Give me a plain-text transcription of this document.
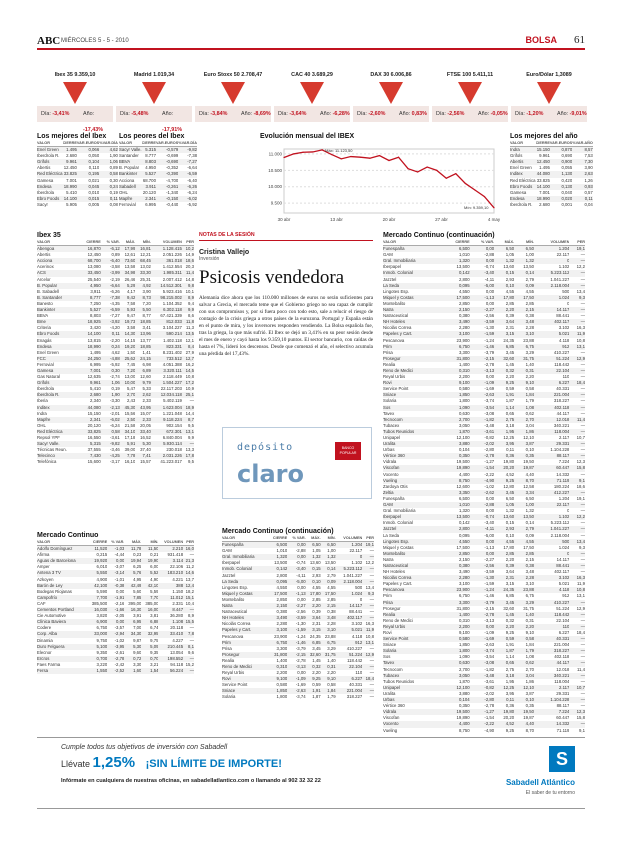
ABC MIÉRCOLES 5 - 5 - 2010	BOLSA 61
Ibex 35 9.359,10
Día: -3,41%	Año: -17,43%
Madrid 1.019,34
Día: -5,48%	Año: -17,91%
Euro Stoxx 50 2.708,47
Día: -3,84%	Año: -8,69%
CAC 40 3.689,29
Día: -3,64%	Año: -6,28%
DAX 30 6.006,86
Día: -2,60%	Año: 0,83%
FTSE 100 5.411,11
Día: -2,56%	Año: -0,05%
Euro/Dólar 1,3089
Día: -1,20%	Año: -9,01%
Los mejores del Ibex
VALOR	CIERRE	VAR.EUROS	%VAR.DÍA
Enel Green	1.495	0,066	4,62
Iberdrola R.	2.680	0,050	1,90
Grifols	9.961	0,104	1,06
Abertis	12.450	0,110	0,89
Red Eléctrica	33.825	0,195	0,58
Gamesa	7.001	0,021	0,30
Endesa	18.990	0,045	0,24
Iberdrola	5.410	0,010	0,19
Ebro Foods	14.100	0,015	0,11
Sacyr	5.905	0,005	0,08
Los peores del Ibex
VALOR	CIERRE	VAR.EUROS	%VAR.DÍA
Sacyr Valle.	5.315	-0,579	-9,82
Santander	8.777	-0,699	-7,38
BBVA	8.803	-0,690	-7,27
B. Popular	4.950	-0,352	-6,64
Bankinter	5.527	-0,390	-6,59
Acciona	68.700	-4,700	-6,40
Sabadell	3.911	-0,261	-6,26
OHL	20.120	-1,340	-6,24
Mapfre	2.341	-0,150	-6,02
Ferrovial	6.995	-0,440	-5,92
Evolución mensual del IBEX
11.000
10.500
10.000
9.500
30 abr	13 abr	20 abr	27 abr	4 may
Máx: 11.123,50
Mín: 9.359,10
Los mejores del año
VALOR	CIERRE	VAR.EUROS	%VAR.AÑO
Indra	15.150	0,870	8,57
Grifols	9.961	0,690	7,53
Abertis	12.450	0,900	7,30
Enel Green	1.495	0,055	3,90
Inditex	44.080	1,130	2,63
Red Eléctrica	33.825	0,420	1,26
Ebro Foods	14.100	0,130	0,93
Gamesa	7.001	0,040	0,57
Endesa	18.990	0,020	0,11
Iberdrola R.	2.680	0,001	0,04
Ibex 35
VALOR	CIERRE	% VAR.	MÁX.	MÍN.	VOLUMEN	PER
Abengoa	16,870	-6,12	17,99	16,81	1.128.415	10,2
Abertis	12,450	0,89	12,61	12,21	2.051.226	14,9
Acciona	68,700	-6,40	73,60	68,45	361.018	18,6
Acerinox	13,080	-3,58	13,58	13,02	1.412.554	20,3
ACS	33,450	-3,99	34,98	33,30	1.985.311	11,4
Arcelor	25,540	-2,19	26,46	25,31	2.007.412	14,8
B. Popular	4,950	-6,64	5,29	4,92	14.512.301	9,8
B. Sabadell	3,911	-6,26	4,17	3,90	5.923.416	10,1
B. Santander	8,777	-7,38	9,42	8,73	98.215.002	8,9
Banesto	7,250	-4,35	7,58	7,20	1.104.352	9,4
Bankinter	5,527	-6,59	5,93	5,50	6.302.118	9,9
BBVA	8,803	-7,27	9,47	8,77	67.421.339	8,6
Bme	18,925	-3,92	19,73	18,85	812.033	11,8
Criteria	3,420	-4,20	3,58	3,41	3.104.227	11,3
Ebro Foods	14,100	0,11	14,30	13,96	590.214	13,5
Enagás	13,815	-2,20	14,15	13,77	1.402.118	12,1
Endesa	18,990	0,24	19,20	18,85	823.331	8,4
Enel Green	1,495	4,62	1,50	1,41	8.231.402	27,9
FCC	24,250	-4,88	25,62	24,15	733.512	12,7
Ferrovial	6,995	-5,92	7,45	6,98	4.051.388	16,2
Gamesa	7,001	0,30	7,20	6,89	3.320.111	14,5
Gas Natural	12,635	-2,74	13,00	12,60	2.118.449	10,8
Grifols	9,961	1,06	10,00	9,79	1.504.227	17,2
Iberdrola	5,410	0,19	5,47	5,33	22.117.203	10,9
Iberdrola R.	2,680	1,90	2,70	2,62	12.034.118	25,1
Iberia	2,340	-3,30	2,43	2,33	5.402.119	—
Inditex	44,080	-2,13	45,30	43,95	1.623.004	18,9
Indra	15,150	-2,01	15,56	15,07	1.221.048	14,4
Mapfre	2,341	-6,02	2,50	2,33	9.118.224	8,7
OHL	20,120	-6,24	21,58	20,05	902.154	9,5
Red Eléctrica	33,825	0,58	34,10	33,40	672.301	13,1
Repsol YPF	16,550	-3,61	17,18	16,52	6.840.004	9,9
Sacyr Valle.	5,315	-9,82	5,91	5,30	5.930.114	—
Técnicas Reun.	37,555	-3,46	39,00	37,40	230.018	13,3
Telecinco	7,430	-4,25	7,78	7,41	2.031.226	17,8
Telefónica	15,600	-3,17	16,10	15,57	41.223.017	9,5
Mercado Continuo
VALOR	CIERRE	% VAR.	MÁX.	MÍN.	VOLUMEN	PER
Adolfo Domínguez	11,520	-1,03	11,78	11,50	2.210	16,0
Afirma	0,215	-4,44	0,23	0,21	931.418	—
Aguas de Barcelona	19,920	0,00	19,94	19,90	3.114	21,3
Amper	6,010	-3,07	6,25	6,00	22.106	11,2
Antena 3 TV	5,550	-3,14	5,76	5,52	183.210	14,6
Azkoyen	4,900	-1,01	4,95	4,90	4.221	13,7
Barón de Ley	42,100	-0,38	42,49	42,10	388	12,4
Bodegas Riojanas	5,590	0,00	5,60	5,59	1.150	18,2
Campofrío	7,700	-1,91	7,85	7,70	11.012	15,1
CAF	385,500	-2,16	395,00	385,00	2.331	10,4
Cementos Portland	16,030	-1,66	16,30	16,00	8.447	—
Cie Automotive	3,820	-2,05	3,91	3,81	36.280	8,9
Clínica Baviera	6,900	0,00	6,95	6,88	1.108	15,5
Codere	6,750	-3,57	7,00	6,74	20.118	—
Corp. Alba	33,000	-2,94	34,30	32,95	33.410	7,8
Dinamia	9,750	-1,02	9,87	9,75	4.227	—
Duro Felguera	5,100	-3,95	5,30	5,09	210.445	8,1
Elecnor	9,350	-2,61	9,60	9,35	13.054	9,6
Ercros	0,700	-2,78	0,72	0,70	198.552	—
Faes Farma	3,220	-2,42	3,30	3,21	94.118	15,2
Fersa	1,550	-2,52	1,60	1,54	56.224	—
NOTAS DE LA SESIÓN
Cristina Vallejo
Inversión
Psicosis vendedora
Alemania dice ahora que los 110.000 millones de euros no serán suficientes para salvar a Grecia, el mercado teme que el Gobierno griego no sea capaz de cumplir con sus compromisos y, por si fuera poco con todo esto, sale a relucir el riesgo de contagio de la crisis griega a otros países de la eurozona. Portugal y España están en el punto de mira, y los inversores responden vendiendo. La Bolsa española fue, tras la griega, la que más sufrió. El Ibex se dejó un 3,41% en su peor sesión desde el mes de enero y cayó hasta los 9.359,10 puntos. El sector bancario, con caídas de hasta el 7%, lideró los descensos. Desde que comenzó el año, el selectivo acumula una pérdida del 17,43%.
depósito
claro
BANCO POPULAR
Mercado Continuo (continuación)
VALOR	CIERRE	% VAR.	MÁX.	MÍN.	VOLUMEN	PER
Funespaña	6,500	0,00	6,50	6,50	1.204	19,1
GAM	1,010	-2,88	1,05	1,00	22.117	—
Gral. Inmobiliaria	1,320	0,00	1,32	1,32	0	—
Iberpapel	13,500	-0,74	13,60	13,50	1.102	12,2
Inmob. Colonial	0,142	-3,40	0,15	0,14	5.223.112	—
Jazztel	2,800	-4,11	2,93	2,79	1.041.227	—
La Seda	0,095	-5,00	0,10	0,09	2.118.004	—
Lingotes Esp.	4,550	0,00	4,55	4,55	500	13,4
Miquel y Costas	17,500	-1,13	17,80	17,50	1.024	9,3
Montebalito	2,850	0,00	2,85	2,85	0	—
Natra	2,150	-2,27	2,20	2,15	14.117	—
Natraceutical	0,380	-2,56	0,39	0,38	88.441	—
NH Hoteles	3,490	-3,59	3,64	3,48	402.117	—
Nicolás Correa	2,280	-1,30	2,31	2,28	3.102	16,3
Papeles y Cart.	3,100	-1,59	3,15	3,10	5.021	11,9
Pescanova	23,900	-1,24	24,35	23,88	4.118	10,8
Prim	6,750	-1,46	6,85	6,75	912	13,1
Prisa	3,300	-3,79	3,45	3,29	410.227	—
Prosegur	31,800	-2,15	32,60	31,75	51.224	12,9
Realia	1,400	-2,78	1,45	1,40	118.442	—
Reno de Medici	0,310	-3,13	0,32	0,31	22.104	—
Reyal Urbis	2,200	0,00	2,20	2,20	110	—
Rovi	9,100	-1,09	9,25	9,10	6.227	18,4
Service Point	0,580	-1,69	0,59	0,58	40.331	—
Sniace	1,850	-2,63	1,91	1,84	221.004	—
Solaria	1,800	-3,74	1,87	1,79	318.227	—
Mercado Continuo (continuación)
VALOR	CIERRE	% VAR.	MÁX.	MÍN.	VOLUMEN	PER
Funespaña	6,500	0,00	6,50	6,50	1.204	19,1
GAM	1,010	-2,88	1,05	1,00	22.117	—
Gral. Inmobiliaria	1,320	0,00	1,32	1,32	0	—
Iberpapel	13,500	-0,74	13,60	13,50	1.102	12,2
Inmob. Colonial	0,142	-3,40	0,15	0,14	5.223.112	—
Jazztel	2,800	-4,11	2,93	2,79	1.041.227	—
La Seda	0,095	-5,00	0,10	0,09	2.118.004	—
Lingotes Esp.	4,550	0,00	4,55	4,55	500	13,4
Miquel y Costas	17,500	-1,13	17,80	17,50	1.024	9,3
Montebalito	2,850	0,00	2,85	2,85	0	—
Natra	2,150	-2,27	2,20	2,15	14.117	—
Natraceutical	0,380	-2,56	0,39	0,38	88.441	—
NH Hoteles	3,490	-3,59	3,64	3,48	402.117	—
Nicolás Correa	2,280	-1,30	2,31	2,28	3.102	16,3
Papeles y Cart.	3,100	-1,59	3,15	3,10	5.021	11,9
Pescanova	23,900	-1,24	24,35	23,88	4.118	10,8
Prim	6,750	-1,46	6,85	6,75	912	13,1
Prisa	3,300	-3,79	3,45	3,29	410.227	—
Prosegur	31,800	-2,15	32,60	31,75	51.224	12,9
Realia	1,400	-2,78	1,45	1,40	118.442	—
Reno de Medici	0,310	-3,13	0,32	0,31	22.104	—
Reyal Urbis	2,200	0,00	2,20	2,20	110	—
Rovi	9,100	-1,09	9,25	9,10	6.227	18,4
Service Point	0,580	-1,69	0,59	0,58	40.331	—
Sniace	1,850	-2,63	1,91	1,84	221.004	—
Solaria	1,800	-3,74	1,87	1,79	318.227	—
Sos	1,090	-3,54	1,14	1,08	402.118	—
Tavex	0,630	-3,08	0,65	0,62	44.117	—
Tecnocom	2,700	-1,82	2,75	2,70	12.018	11,4
Tubacex	3,050	-3,48	3,18	3,04	340.221	—
Tubos Reunidos	1,870	-3,61	1,95	1,86	118.004	—
Unipapel	12,100	-0,82	12,25	12,10	2.117	10,7
Uralita	3,880	-2,02	3,95	3,87	29.331	—
Urbas	0,104	-2,80	0,11	0,10	1.104.228	—
Vértice 360	0,350	-2,78	0,36	0,35	88.117	—
Vidrala	19,500	-1,27	19,80	19,50	7.224	12,3
Viscofan	19,890	-1,54	20,20	19,87	60.447	15,8
Vocento	4,400	-2,22	4,52	4,40	14.332	—
Vueling	8,750	-4,90	9,25	8,70	71.119	9,1
Zardoya Otis	12,600	-1,02	12,80	12,58	180.224	18,6
Zeltia	3,350	-2,62	3,45	3,34	412.227	—
Funespaña	6,500	0,00	6,50	6,50	1.204	19,1
GAM	1,010	-2,88	1,05	1,00	22.117	—
Gral. Inmobiliaria	1,320	0,00	1,32	1,32	0	—
Iberpapel	13,500	-0,74	13,60	13,50	1.102	12,2
Inmob. Colonial	0,142	-3,40	0,15	0,14	5.223.112	—
Jazztel	2,800	-4,11	2,93	2,79	1.041.227	—
La Seda	0,095	-5,00	0,10	0,09	2.118.004	—
Lingotes Esp.	4,550	0,00	4,55	4,55	500	13,4
Miquel y Costas	17,500	-1,13	17,80	17,50	1.024	9,3
Montebalito	2,850	0,00	2,85	2,85	0	—
Natra	2,150	-2,27	2,20	2,15	14.117	—
Natraceutical	0,380	-2,56	0,39	0,38	88.441	—
NH Hoteles	3,490	-3,59	3,64	3,48	402.117	—
Nicolás Correa	2,280	-1,30	2,31	2,28	3.102	16,3
Papeles y Cart.	3,100	-1,59	3,15	3,10	5.021	11,9
Pescanova	23,900	-1,24	24,35	23,88	4.118	10,8
Prim	6,750	-1,46	6,85	6,75	912	13,1
Prisa	3,300	-3,79	3,45	3,29	410.227	—
Prosegur	31,800	-2,15	32,60	31,75	51.224	12,9
Realia	1,400	-2,78	1,45	1,40	118.442	—
Reno de Medici	0,310	-3,13	0,32	0,31	22.104	—
Reyal Urbis	2,200	0,00	2,20	2,20	110	—
Rovi	9,100	-1,09	9,25	9,10	6.227	18,4
Service Point	0,580	-1,69	0,59	0,58	40.331	—
Sniace	1,850	-2,63	1,91	1,84	221.004	—
Solaria	1,800	-3,74	1,87	1,79	318.227	—
Sos	1,090	-3,54	1,14	1,08	402.118	—
Tavex	0,630	-3,08	0,65	0,62	44.117	—
Tecnocom	2,700	-1,82	2,75	2,70	12.018	11,4
Tubacex	3,050	-3,48	3,18	3,04	340.221	—
Tubos Reunidos	1,870	-3,61	1,95	1,86	118.004	—
Unipapel	12,100	-0,82	12,25	12,10	2.117	10,7
Uralita	3,880	-2,02	3,95	3,87	29.331	—
Urbas	0,104	-2,80	0,11	0,10	1.104.228	—
Vértice 360	0,350	-2,78	0,36	0,35	88.117	—
Vidrala	19,500	-1,27	19,80	19,50	7.224	12,3
Viscofan	19,890	-1,54	20,20	19,87	60.447	15,8
Vocento	4,400	-2,22	4,52	4,40	14.332	—
Vueling	8,750	-4,90	9,25	8,70	71.119	9,1
Cumple todos tus objetivos de inversión con Sabadell
Llévate 1,25% ¡SIN LÍMITE DE IMPORTE!
Infórmate en cualquiera de nuestras oficinas, en sabadellatlantico.com o llamando al 902 32 32 22
S
Sabadell Atlántico
El saber de tu entorno
